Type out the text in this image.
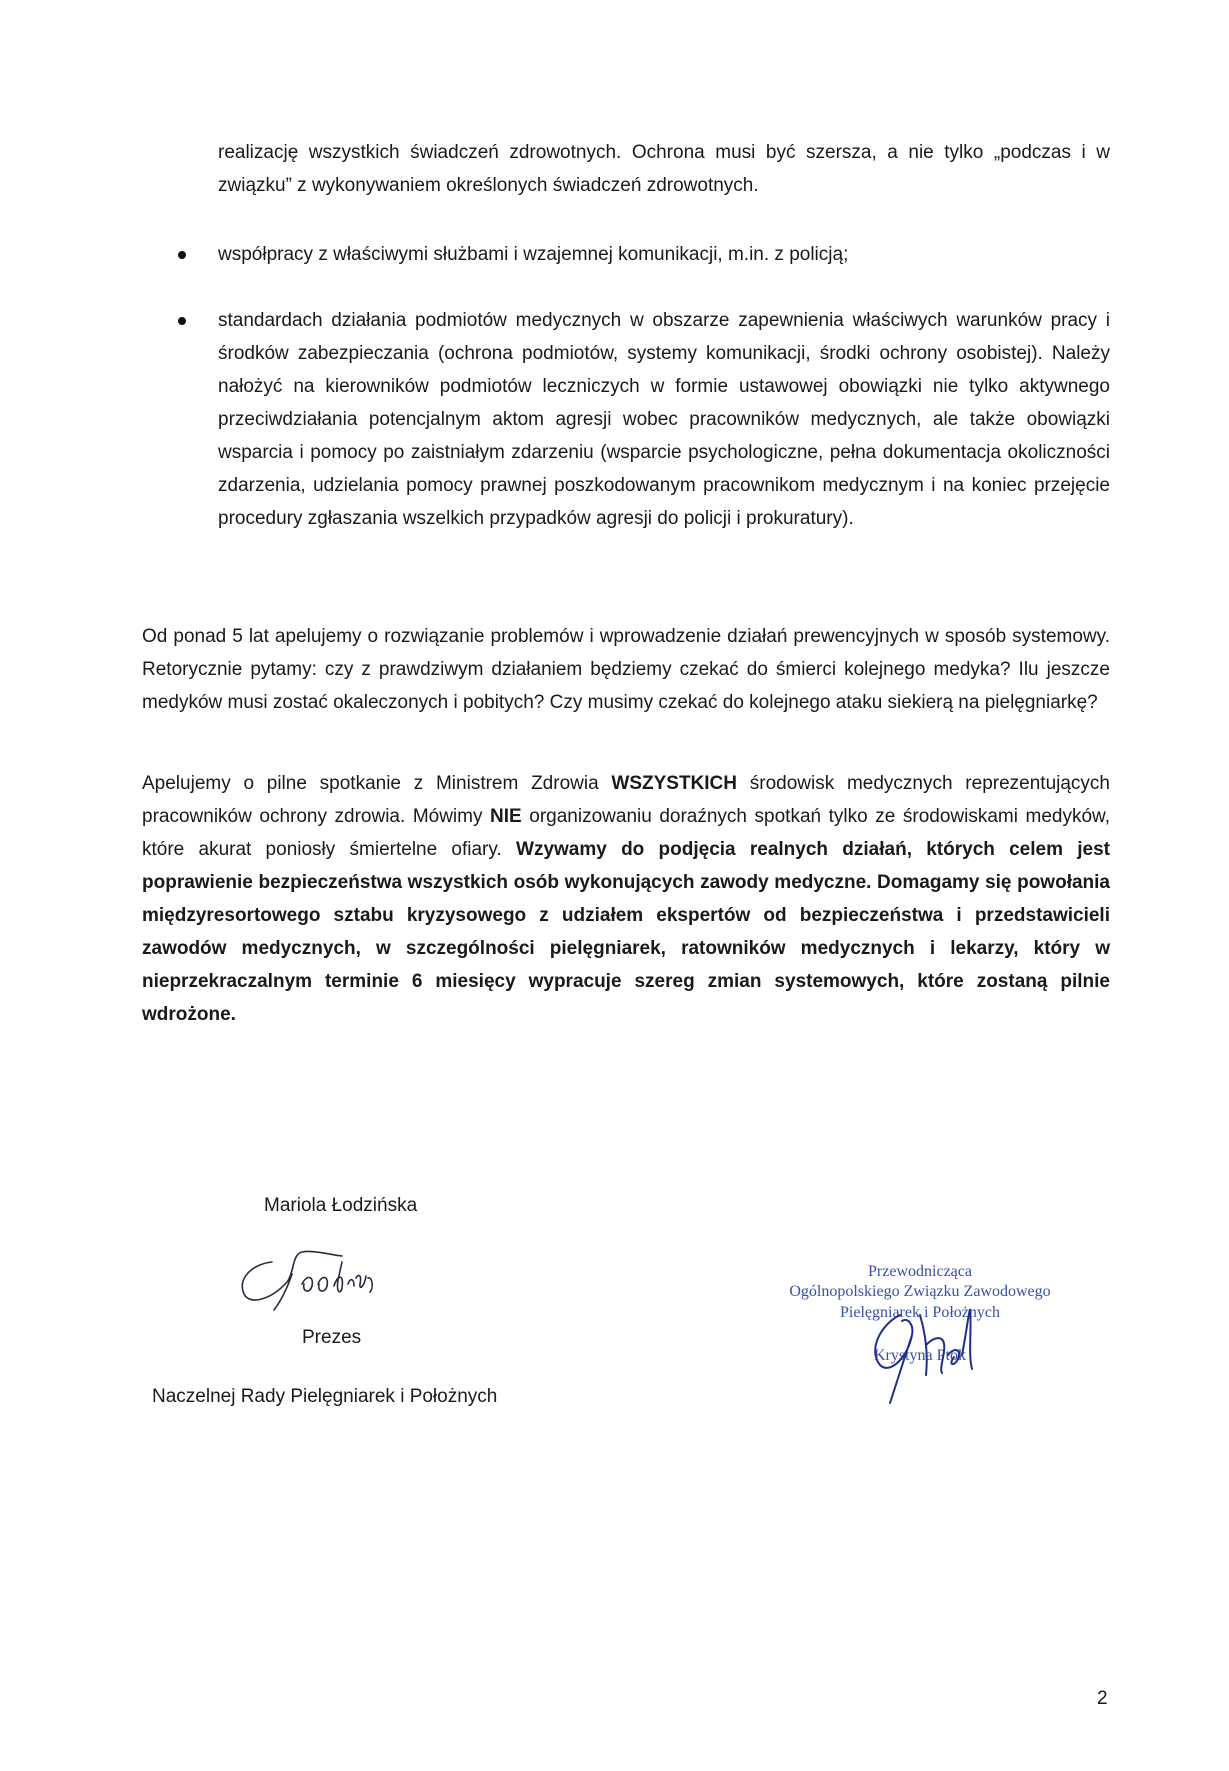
realizację wszystkich świadczeń zdrowotnych. Ochrona musi być szersza, a nie tylko „podczas i w związku” z wykonywaniem określonych świadczeń zdrowotnych.
współpracy z właściwymi służbami i wzajemnej komunikacji, m.in. z policją;
standardach działania podmiotów medycznych w obszarze zapewnienia właściwych warunków pracy i środków zabezpieczania (ochrona podmiotów, systemy komunikacji, środki ochrony osobistej). Należy nałożyć na kierowników podmiotów leczniczych w formie ustawowej obowiązki nie tylko aktywnego przeciwdziałania potencjalnym aktom agresji wobec pracowników medycznych, ale także obowiązki wsparcia i pomocy po zaistniałym zdarzeniu (wsparcie psychologiczne, pełna dokumentacja okoliczności zdarzenia, udzielania pomocy prawnej poszkodowanym pracownikom medycznym i na koniec przejęcie procedury zgłaszania wszelkich przypadków agresji do policji i prokuratury).
Od ponad 5 lat apelujemy o rozwiązanie problemów i wprowadzenie działań prewencyjnych w sposób systemowy. Retorycznie pytamy: czy z prawdziwym działaniem będziemy czekać do śmierci kolejnego medyka? Ilu jeszcze medyków musi zostać okaleczonych i pobitych? Czy musimy czekać do kolejnego ataku siekierą na pielęgniarkę?
Apelujemy o pilne spotkanie z Ministrem Zdrowia WSZYSTKICH środowisk medycznych reprezentujących pracowników ochrony zdrowia. Mówimy NIE organizowaniu doraźnych spotkań tylko ze środowiskami medyków, które akurat poniosły śmiertelne ofiary. Wzywamy do podjęcia realnych działań, których celem jest poprawienie bezpieczeństwa wszystkich osób wykonujących zawody medyczne. Domagamy się powołania międzyresortowego sztabu kryzysowego z udziałem ekspertów od bezpieczeństwa i przedstawicieli zawodów medycznych, w szczególności pielęgniarek, ratowników medycznych i lekarzy, który w nieprzekraczalnym terminie 6 miesięcy wypracuje szereg zmian systemowych, które zostaną pilnie wdrożone.
Mariola Łodzińska
Prezes
Naczelnej Rady Pielęgniarek i Położnych
Przewodnicząca
Ogólnopolskiego Związku Zawodowego
Pielęgniarek i Położnych
Krystyna Ptok
2
